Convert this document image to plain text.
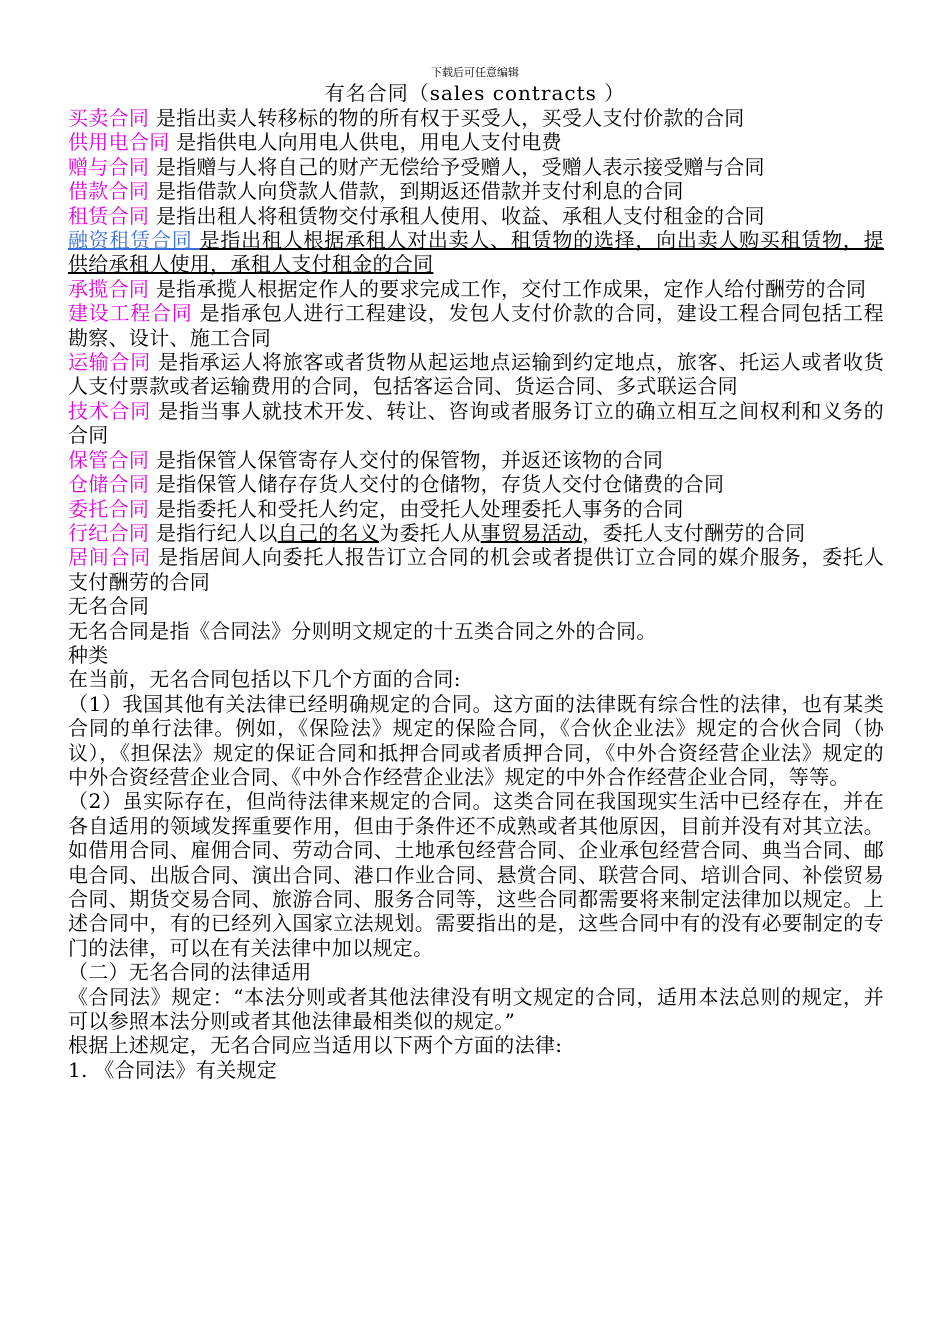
下载后可任意编辑
有名合同（sales contracts ）

买卖合同 是指出卖人转移标的物的所有权于买受人，买受人支付价款的合同

供用电合同 是指供电人向用电人供电，用电人支付电费

赠与合同 是指赠与人将自己的财产无偿给予受赠人，受赠人表示接受赠与合同

借款合同 是指借款人向贷款人借款，到期返还借款并支付利息的合同

租赁合同 是指出租人将租赁物交付承租人使用、收益、承租人支付租金的合同

融资租赁合同 是指出租人根据承租人对出卖人、租赁物的选择，向出卖人购买租赁物，提供给承租人使用，承租人支付租金的合同

承揽合同 是指承揽人根据定作人的要求完成工作，交付工作成果，定作人给付酬劳的合同

建设工程合同 是指承包人进行工程建设，发包人支付价款的合同，建设工程合同包括工程勘察、设计、施工合同

运输合同 是指承运人将旅客或者货物从起运地点运输到约定地点，旅客、托运人或者收货人支付票款或者运输费用的合同，包括客运合同、货运合同、多式联运合同

技术合同 是指当事人就技术开发、转让、咨询或者服务订立的确立相互之间权利和义务的合同

保管合同 是指保管人保管寄存人交付的保管物，并返还该物的合同

仓储合同 是指保管人储存存货人交付的仓储物，存货人交付仓储费的合同

委托合同 是指委托人和受托人约定，由受托人处理委托人事务的合同

行纪合同 是指行纪人以自己的名义为委托人从事贸易活动，委托人支付酬劳的合同

居间合同 是指居间人向委托人报告订立合同的机会或者提供订立合同的媒介服务，委托人支付酬劳的合同

无名合同

无名合同是指《合同法》分则明文规定的十五类合同之外的合同。

种类

在当前，无名合同包括以下几个方面的合同:

（1）我国其他有关法律已经明确规定的合同。这方面的法律既有综合性的法律，也有某类合同的单行法律。例如，《保险法》规定的保险合同，《合伙企业法》规定的合伙合同（协议），《担保法》规定的保证合同和抵押合同或者质押合同，《中外合资经营企业法》规定的中外合资经营企业合同、《中外合作经营企业法》规定的中外合作经营企业合同，等等。

（2）虽实际存在，但尚待法律来规定的合同。这类合同在我国现实生活中已经存在，并在各自适用的领域发挥重要作用，但由于条件还不成熟或者其他原因，目前并没有对其立法。如借用合同、雇佣合同、劳动合同、土地承包经营合同、企业承包经营合同、典当合同、邮电合同、出版合同、演出合同、港口作业合同、悬赏合同、联营合同、培训合同、补偿贸易合同、期货交易合同、旅游合同、服务合同等，这些合同都需要将来制定法律加以规定。上述合同中，有的已经列入国家立法规划。需要指出的是，这些合同中有的没有必要制定的专门的法律，可以在有关法律中加以规定。

（二）无名合同的法律适用

《合同法》规定：“本法分则或者其他法律没有明文规定的合同，适用本法总则的规定，并可以参照本法分则或者其他法律最相类似的规定。”

根据上述规定，无名合同应当适用以下两个方面的法律:

1. 《合同法》有关规定
